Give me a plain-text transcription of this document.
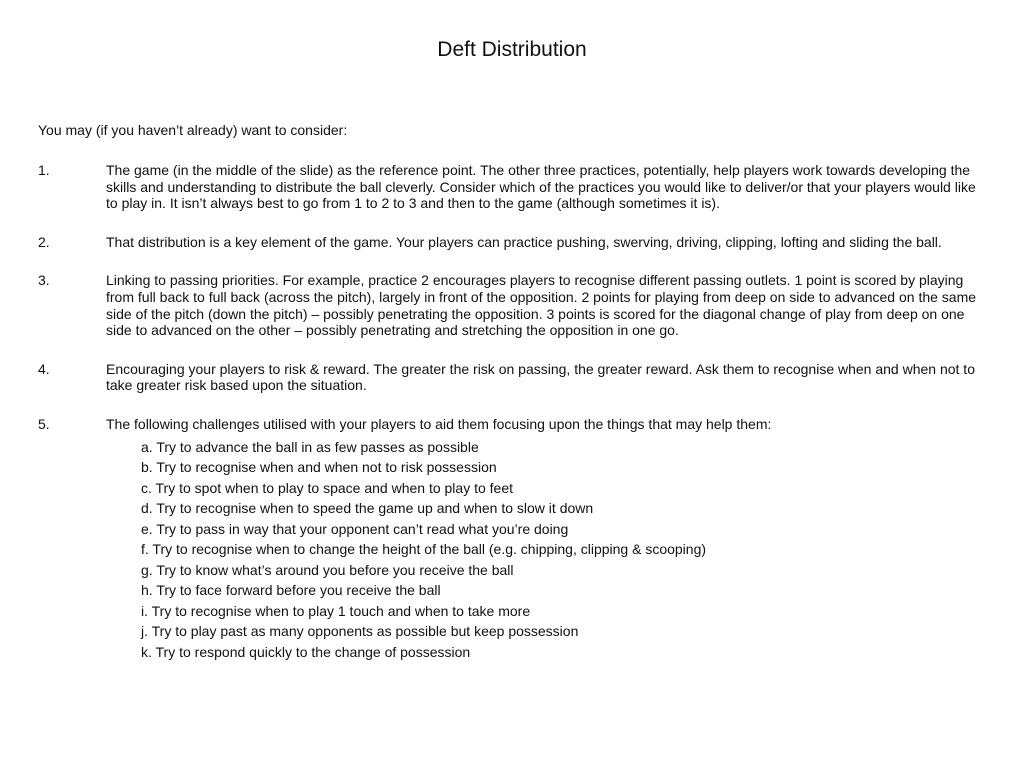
Deft Distribution
You may (if you haven’t already) want to consider:
1.	The game (in the middle of the slide) as the reference point. The other three practices, potentially, help players work towards developing the skills and understanding to distribute the ball cleverly. Consider which of the practices you would like to deliver/or that your players would like to play in. It isn’t always best to go from 1 to 2 to 3 and then to the game (although sometimes it is).
2.	That distribution is a key element of the game. Your players can practice pushing, swerving, driving, clipping, lofting and sliding the ball.
3.	Linking to passing priorities. For example, practice 2 encourages players to recognise different passing outlets. 1 point is scored by playing from full back to full back (across the pitch), largely in front of the opposition. 2 points for playing from deep on side to advanced on the same side of the pitch (down the pitch) – possibly penetrating the opposition. 3 points is scored for the diagonal change of play from deep on one side to advanced on the other – possibly penetrating and stretching the opposition in one go.
4.	Encouraging your players to risk & reward. The greater the risk on passing, the greater reward. Ask them to recognise when and when not to take greater risk based upon the situation.
5.	The following challenges utilised with your players to aid them focusing upon the things that may help them:
a. Try to advance the ball in as few passes as possible
b. Try to recognise when and when not to risk possession
c. Try to spot when to play to space and when to play to feet
d. Try to recognise when to speed the game up and when to slow it down
e. Try to pass in way that your opponent can’t read what you’re doing
f. Try to recognise when to change the height of the ball (e.g. chipping, clipping & scooping)
g. Try to know what’s around you before you receive the ball
h. Try to face forward before you receive the ball
i. Try to recognise when to play 1 touch and when to take more
j. Try to play past as many opponents as possible but keep possession
k. Try to respond quickly to the change of possession
